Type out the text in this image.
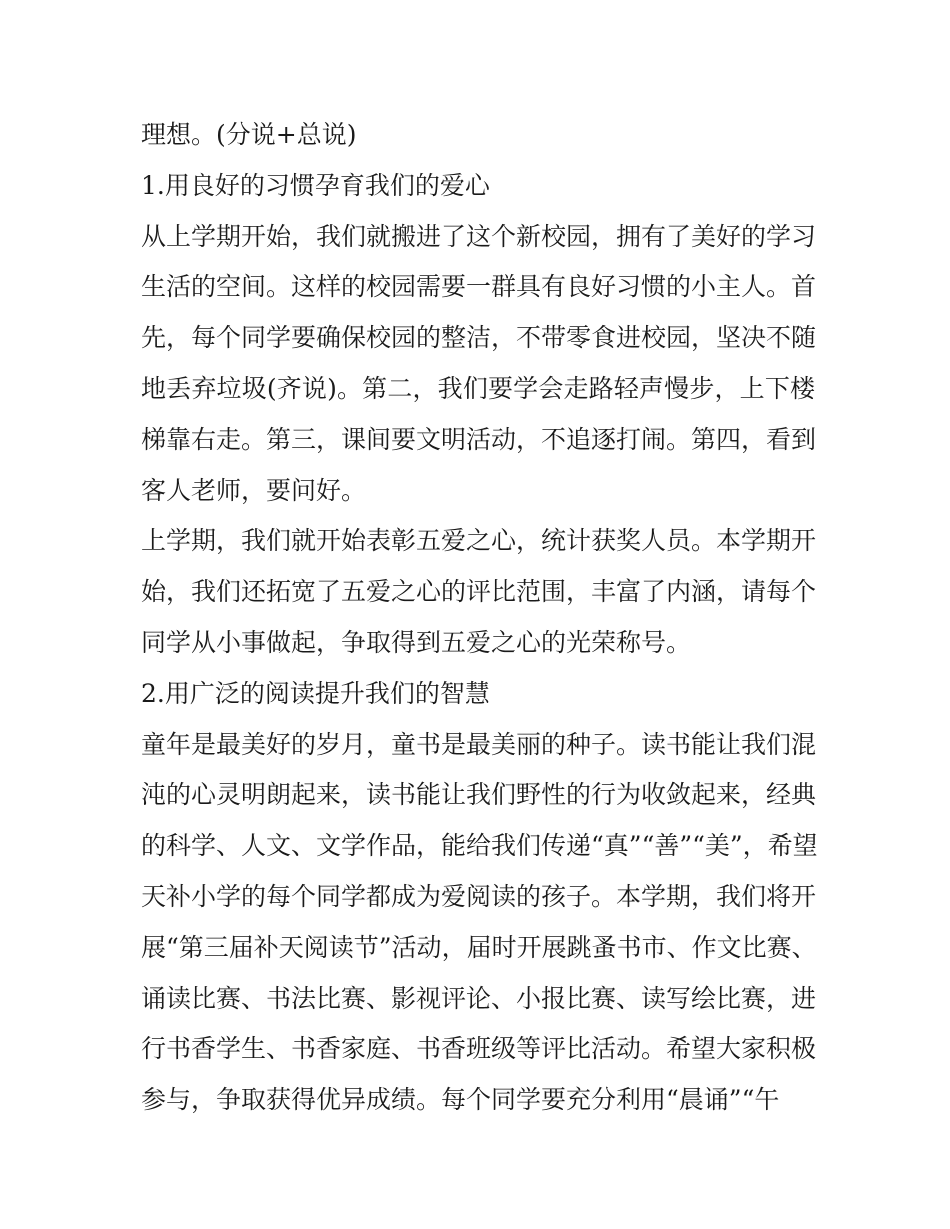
理想。(分说+总说)
1.用良好的习惯孕育我们的爱心
从上学期开始，我们就搬进了这个新校园，拥有了美好的学习
生活的空间。这样的校园需要一群具有良好习惯的小主人。首
先，每个同学要确保校园的整洁，不带零食进校园，坚决不随
地丢弃垃圾(齐说)。第二，我们要学会走路轻声慢步，上下楼
梯靠右走。第三，课间要文明活动，不追逐打闹。第四，看到
客人老师，要问好。
上学期，我们就开始表彰五爱之心，统计获奖人员。本学期开
始，我们还拓宽了五爱之心的评比范围，丰富了内涵，请每个
同学从小事做起，争取得到五爱之心的光荣称号。
2.用广泛的阅读提升我们的智慧
童年是最美好的岁月，童书是最美丽的种子。读书能让我们混
沌的心灵明朗起来，读书能让我们野性的行为收敛起来，经典
的科学、人文、文学作品，能给我们传递“真”“善”“美”，希望
天补小学的每个同学都成为爱阅读的孩子。本学期，我们将开
展“第三届补天阅读节”活动，届时开展跳蚤书市、作文比赛、
诵读比赛、书法比赛、影视评论、小报比赛、读写绘比赛，进
行书香学生、书香家庭、书香班级等评比活动。希望大家积极
参与，争取获得优异成绩。每个同学要充分利用“晨诵”“午
